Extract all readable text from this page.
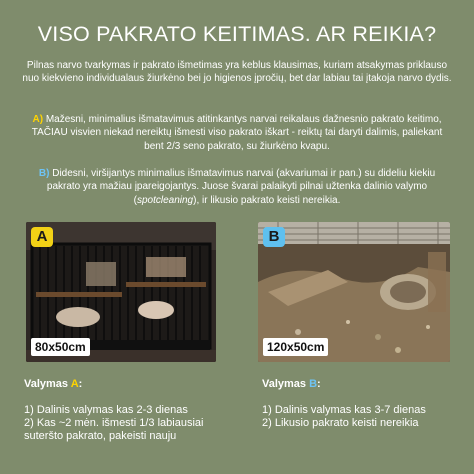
VISO PAKRATO KEITIMAS. AR REIKIA?

Pilnas narvo tvarkymas ir pakrato išmetimas yra keblus klausimas, kuriam atsakymas priklauso nuo kiekvieno individualaus žiurkėno bei jo higienos įpročių, bet dar labiau tai įtakoja narvo dydis.

A) Mažesni, minimalius išmatavimus atitinkantys narvai reikalaus dažnesnio pakrato keitimo, TAČIAU visvien niekad nereiktų išmesti viso pakrato iškart - reiktų tai daryti dalimis, paliekant bent 2/3 seno pakrato, su žiurkėno kvapu.

B) Didesni, viršijantys minimalius išmatavimus narvai (akvariumai ir pan.) su dideliu kiekiu pakrato yra mažiau įpareigojantys. Juose švarai palaikyti pilnai užtenka dalinio valymo (spotcleaning), ir likusio pakrato keisti nereikia.

A
80x50cm
B
120x50cm
Valymas A:
1) Dalinis valymas kas 2-3 dienas
2) Kas ~2 mėn. išmesti 1/3 labiausiai suteršto pakrato, pakeisti nauju
Valymas B:
1) Dalinis valymas kas 3-7 dienas
2) Likusio pakrato keisti nereikia
